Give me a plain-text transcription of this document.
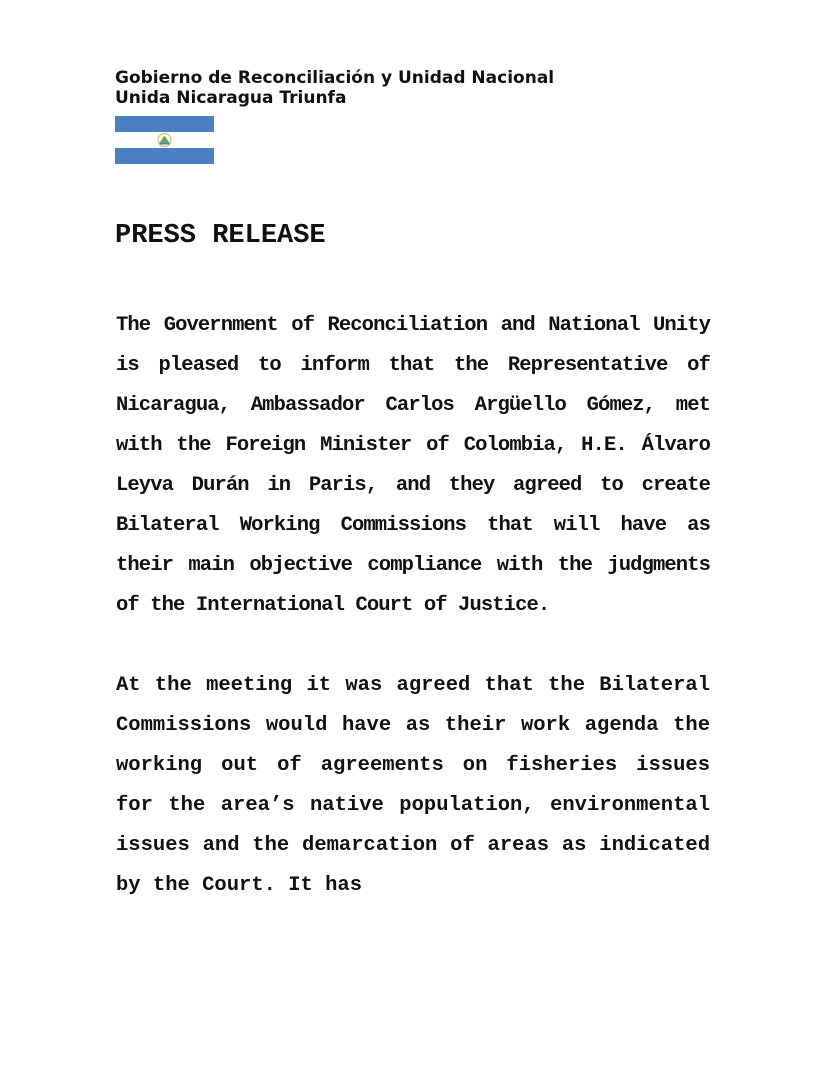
Gobierno de Reconciliación y Unidad Nacional
Unida Nicaragua Triunfa
PRESS RELEASE

The Government of Reconciliation and National Unity is pleased to inform that the Representative of Nicaragua, Ambassador Carlos Argüello Gómez, met with the Foreign Minister of Colombia, H.E. Álvaro Leyva Durán in Paris, and they agreed to create Bilateral Working Commissions that will have as their main objective compliance with the judgments of the International Court of Justice.

At the meeting it was agreed that the Bilateral Commissions would have as their work agenda the working out of agreements on fisheries issues for the area’s native population, environmental issues and the demarcation of areas as indicated by the Court. It has
